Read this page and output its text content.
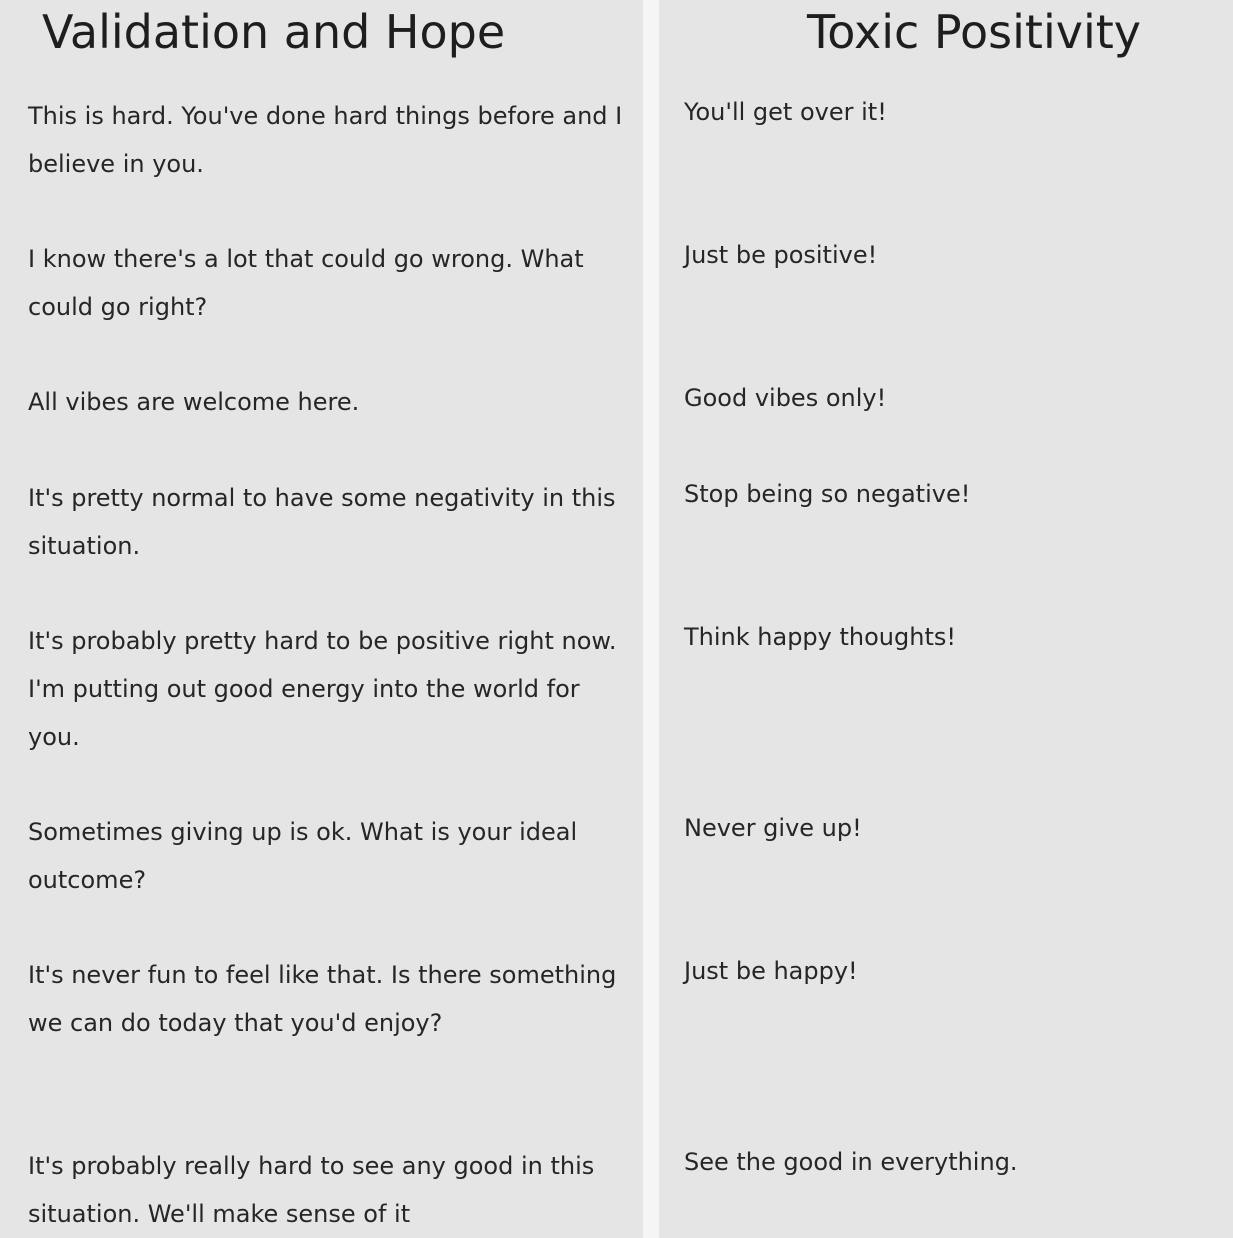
Validation and Hope

This is hard. You've done hard things before and I believe in you.

I know there's a lot that could go wrong. What could go right?

All vibes are welcome here.

It's pretty normal to have some negativity in this situation.

It's probably pretty hard to be positive right now. I'm putting out good energy into the world for you.

Sometimes giving up is ok. What is your ideal outcome?

It's never fun to feel like that. Is there something we can do today that you'd enjoy?

It's probably really hard to see any good in this situation. We'll make sense of it

Toxic Positivity

You'll get over it!

Just be positive!

Good vibes only!

Stop being so negative!

Think happy thoughts!

Never give up!

Just be happy!

See the good in everything.
